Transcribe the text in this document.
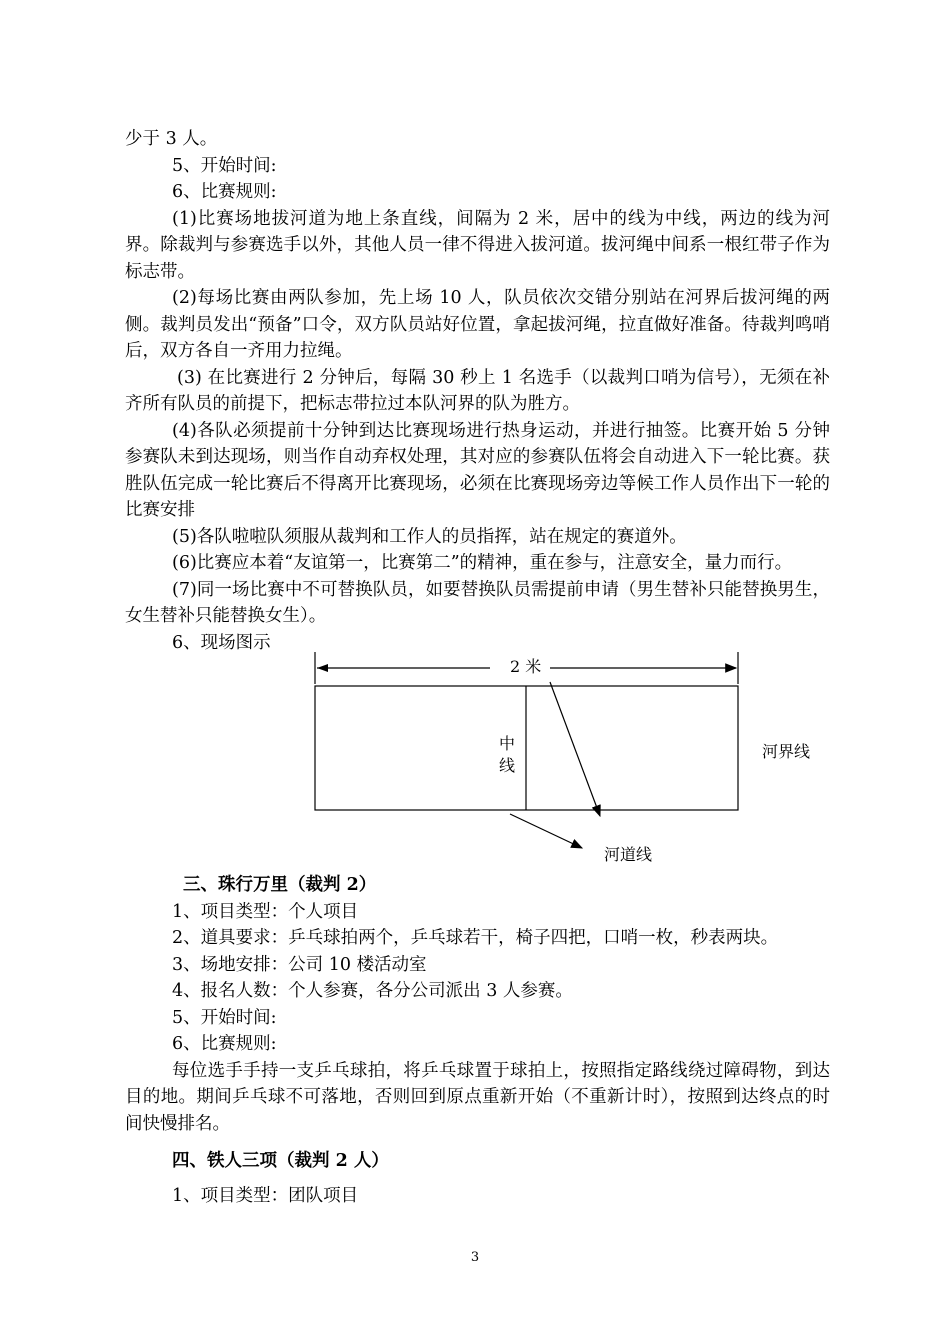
少于 3 人。

5、开始时间:

6、比赛规则:

(1)比赛场地拔河道为地上条直线，间隔为 2 米，居中的线为中线，两边的线为河界。除裁判与参赛选手以外，其他人员一律不得进入拔河道。拔河绳中间系一根红带子作为标志带。

(2)每场比赛由两队参加，先上场 10 人，队员依次交错分别站在河界后拔河绳的两侧。裁判员发出“预备”口令，双方队员站好位置，拿起拔河绳，拉直做好准备。待裁判鸣哨后，双方各自一齐用力拉绳。

(3) 在比赛进行 2 分钟后，每隔 30 秒上 1 名选手（以裁判口哨为信号），无须在补齐所有队员的前提下，把标志带拉过本队河界的队为胜方。

(4)各队必须提前十分钟到达比赛现场进行热身运动，并进行抽签。比赛开始 5 分钟参赛队未到达现场，则当作自动弃权处理，其对应的参赛队伍将会自动进入下一轮比赛。获胜队伍完成一轮比赛后不得离开比赛现场，必须在比赛现场旁边等候工作人员作出下一轮的比赛安排

(5)各队啦啦队须服从裁判和工作人的员指挥，站在规定的赛道外。

(6)比赛应本着“友谊第一，比赛第二”的精神，重在参与，注意安全，量力而行。

(7)同一场比赛中不可替换队员，如要替换队员需提前申请（男生替补只能替换男生，女生替补只能替换女生）。

6、现场图示

2 米
中
线
河界线
河道线

三、珠行万里（裁判 2）

1、项目类型：个人项目

2、道具要求：乒乓球拍两个，乒乓球若干，椅子四把，口哨一枚，秒表两块。

3、场地安排：公司 10 楼活动室

4、报名人数：个人参赛，各分公司派出 3 人参赛。

5、开始时间:

6、比赛规则:

每位选手手持一支乒乓球拍，将乒乓球置于球拍上，按照指定路线绕过障碍物，到达目的地。期间乒乓球不可落地，否则回到原点重新开始（不重新计时），按照到达终点的时间快慢排名。

四、铁人三项（裁判 2 人）

1、项目类型：团队项目

3
